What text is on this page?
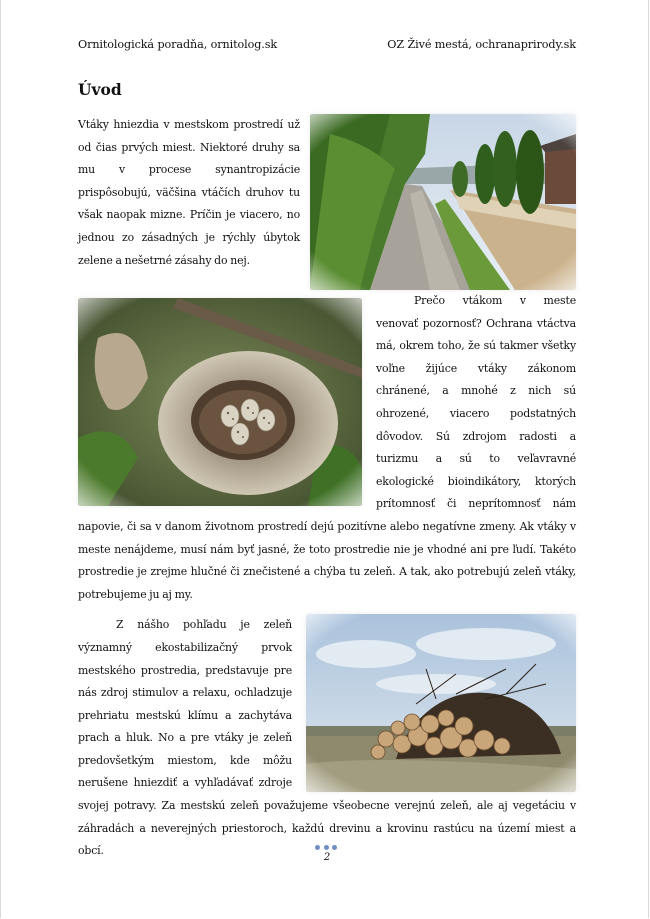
Ornitologická poradňa, ornitolog.sk	OZ Živé mestá, ochranaprirody.sk
Úvod

Vtáky hniezdia v mestskom prostredí už od čias prvých miest. Niektoré druhy sa mu v procese synantropizácie prispôsobujú, väčšina vtáčích druhov tu však naopak mizne. Príčin je viacero, no jednou zo zásadných je rýchly úbytok zelene a nešetrné zásahy do nej.

Prečo vtákom v meste venovať pozornosť? Ochrana vtáctva má, okrem toho, že sú takmer všetky voľne žijúce vtáky zákonom chránené, a mnohé z nich sú ohrozené, viacero podstatných dôvodov. Sú zdrojom radosti a turizmu a sú to veľavravné ekologické bioindikátory, ktorých prítomnosť či neprítomnosť nám napovie, či sa v danom životnom prostredí dejú pozitívne alebo negatívne zmeny. Ak vtáky v meste nenájdeme, musí nám byť jasné, že toto prostredie nie je vhodné ani pre ľudí. Takéto prostredie je zrejme hlučné či znečistené a chýba tu zeleň. A tak, ako potrebujú zeleň vtáky, potrebujeme ju aj my.

Z nášho pohľadu je zeleň významný ekostabilizačný prvok mestského prostredia, predstavuje pre nás zdroj stimulov a relaxu, ochladzuje prehriatu mestskú klímu a zachytáva prach a hluk. No a pre vtáky je zeleň predovšetkým miestom, kde môžu nerušene hniezdiť a vyhľadávať zdroje svojej potravy. Za mestskú zeleň považujeme všeobecne verejnú zeleň, ale aj vegetáciu v záhradách a neverejných priestoroch, každú drevinu a krovinu rastúcu na území miest a obcí.

2
